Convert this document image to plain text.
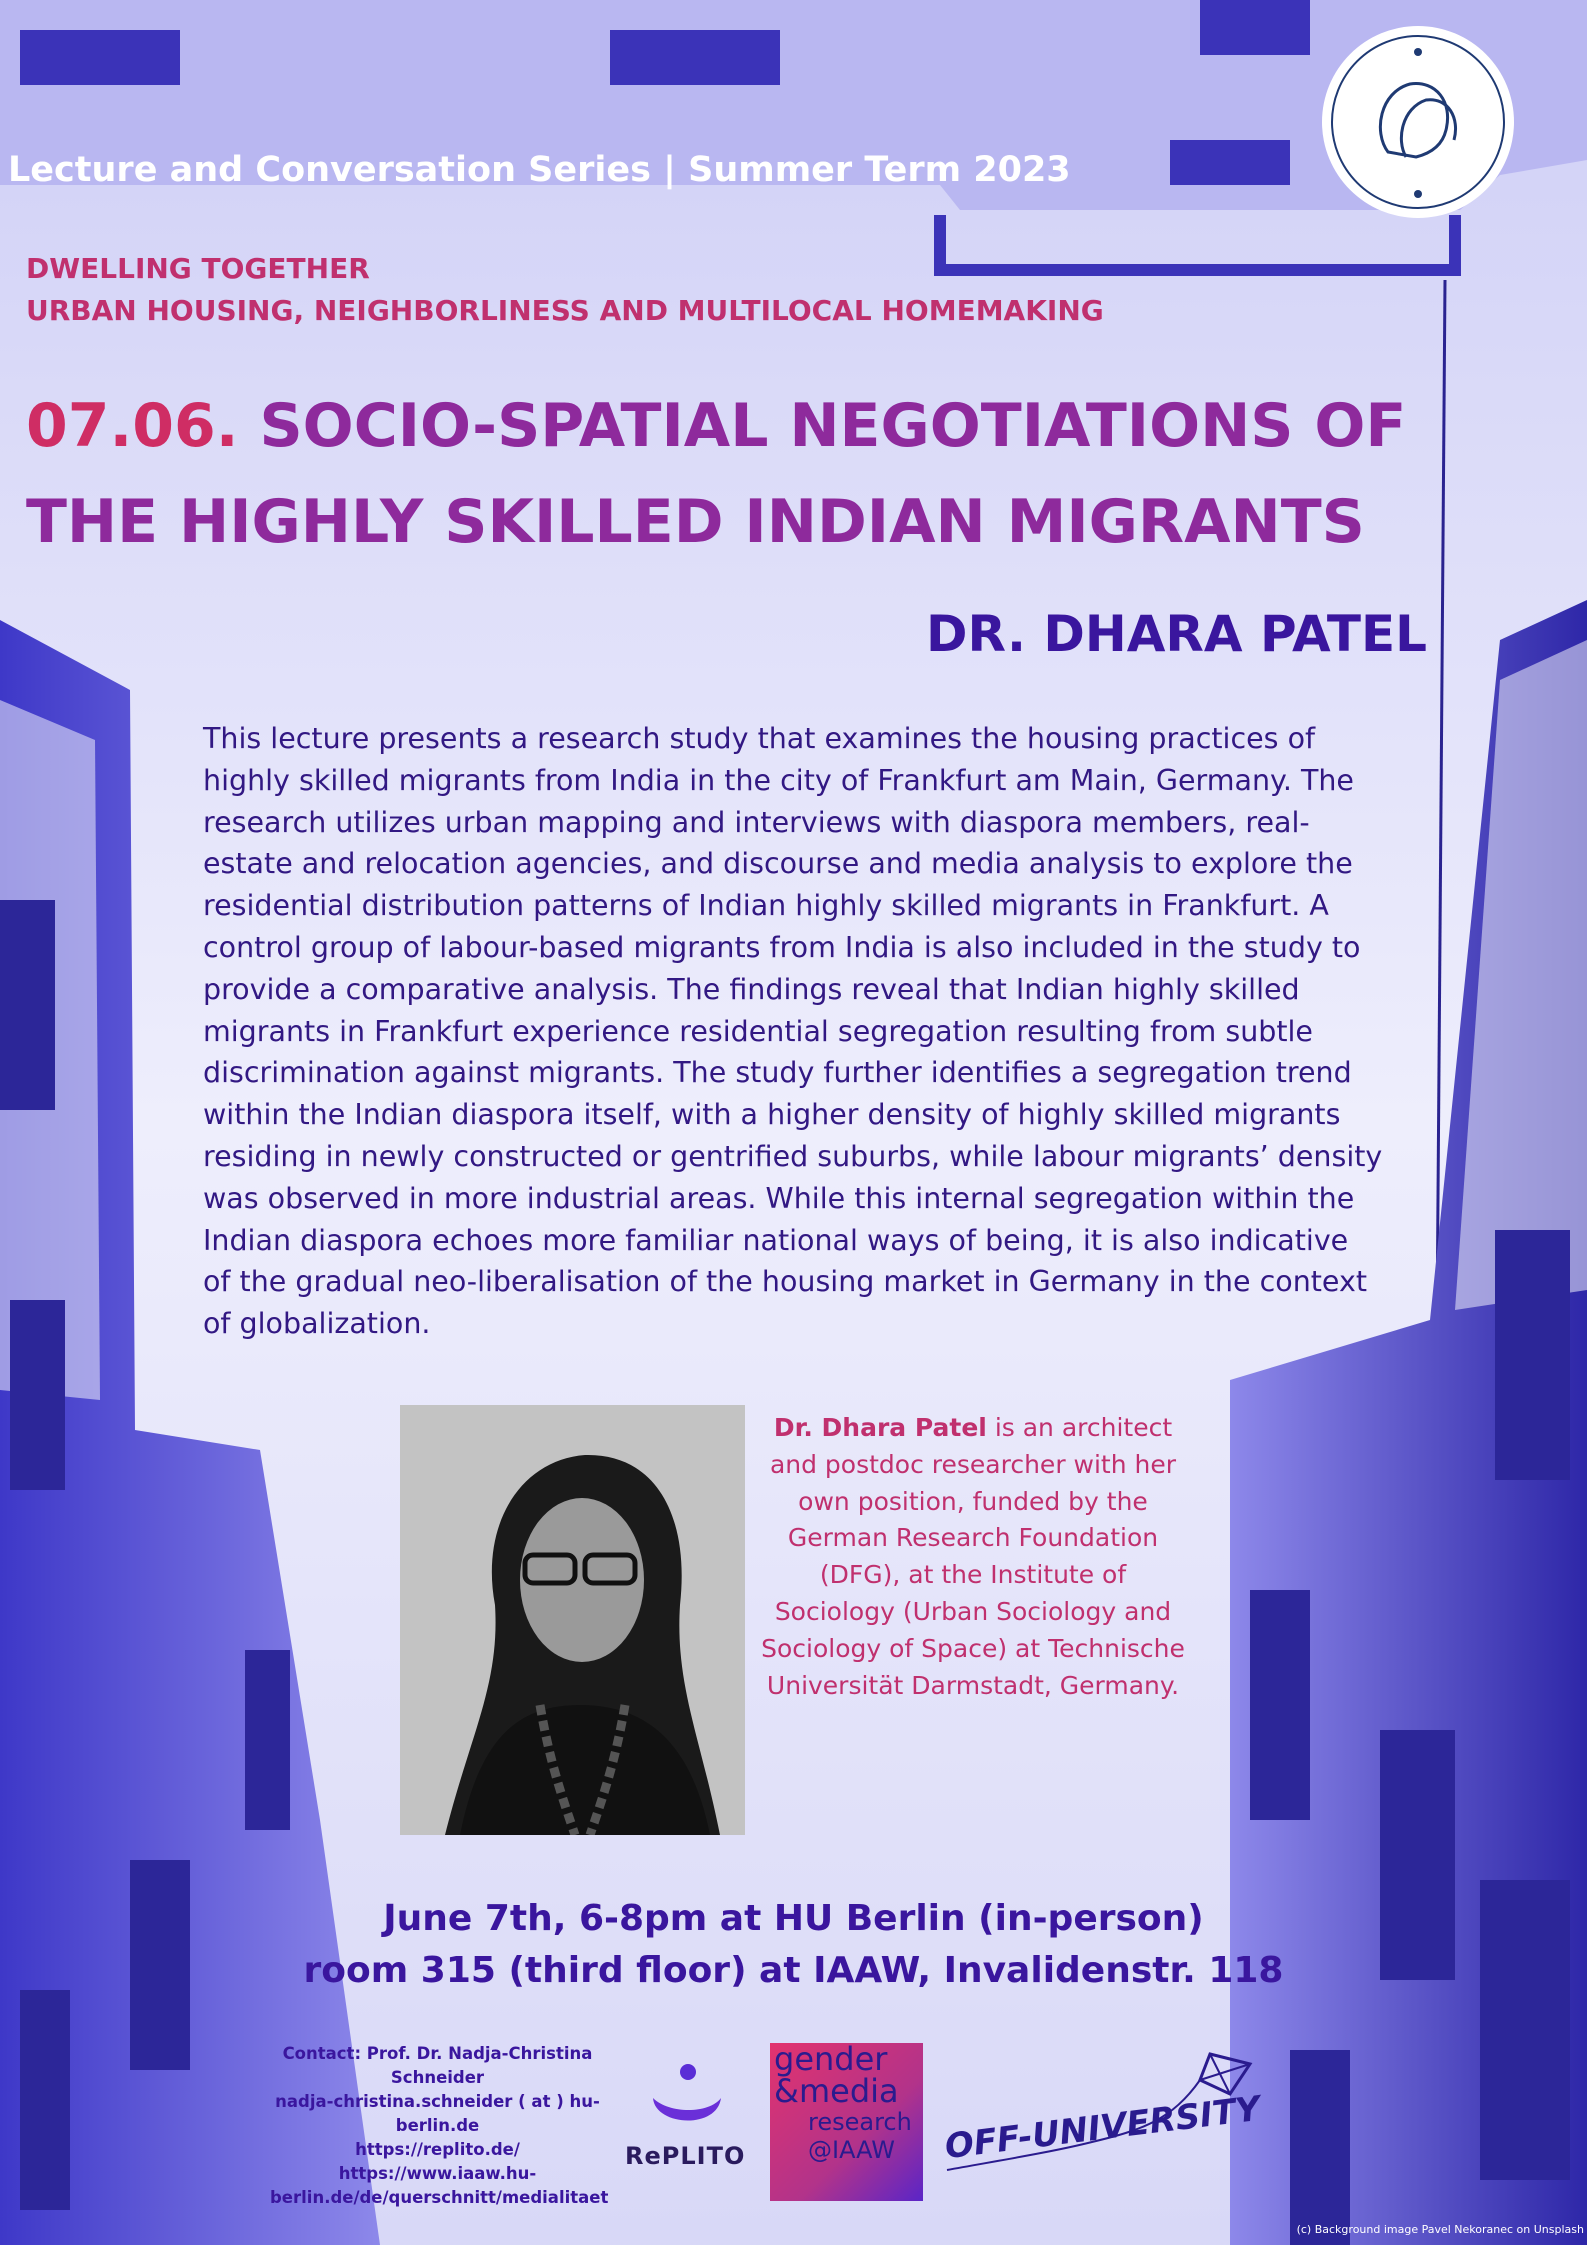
Lecture and Conversation Series | Summer Term 2023
DWELLING TOGETHER
URBAN HOUSING, NEIGHBORLINESS AND MULTILOCAL HOMEMAKING
07.06. SOCIO-SPATIAL NEGOTIATIONS OF THE HIGHLY SKILLED INDIAN MIGRANTS
DR. DHARA PATEL
This lecture presents a research study that examines the housing practices of highly skilled migrants from India in the city of Frankfurt am Main, Germany. The research utilizes urban mapping and interviews with diaspora members, real-estate and relocation agencies, and discourse and media analysis to explore the residential distribution patterns of Indian highly skilled migrants in Frankfurt. A control group of labour-based migrants from India is also included in the study to provide a comparative analysis. The findings reveal that Indian highly skilled migrants in Frankfurt experience residential segregation resulting from subtle discrimination against migrants. The study further identifies a segregation trend within the Indian diaspora itself, with a higher density of highly skilled migrants residing in newly constructed or gentrified suburbs, while labour migrants’ density was observed in more industrial areas. While this internal segregation within the Indian diaspora echoes more familiar national ways of being, it is also indicative of the gradual neo-liberalisation of the housing market in Germany in the context of globalization.
Dr. Dhara Patel is an architect and postdoc researcher with her own position, funded by the German Research Foundation (DFG), at the Institute of Sociology (Urban Sociology and Sociology of Space) at Technische Universität Darmstadt, Germany.
June 7th, 6-8pm at HU Berlin (in-person)
room 315 (third floor) at IAAW, Invalidenstr. 118
Contact: Prof. Dr. Nadja-Christina Schneider
nadja-christina.schneider ( at ) hu-berlin.de
https://replito.de/
https://www.iaaw.hu-berlin.de/de/querschnitt/medialitaet
RePLITO
gender
&media
research
@IAAW OFF-UNIVERSITY
(c) Background image Pavel Nekoranec on Unsplash
